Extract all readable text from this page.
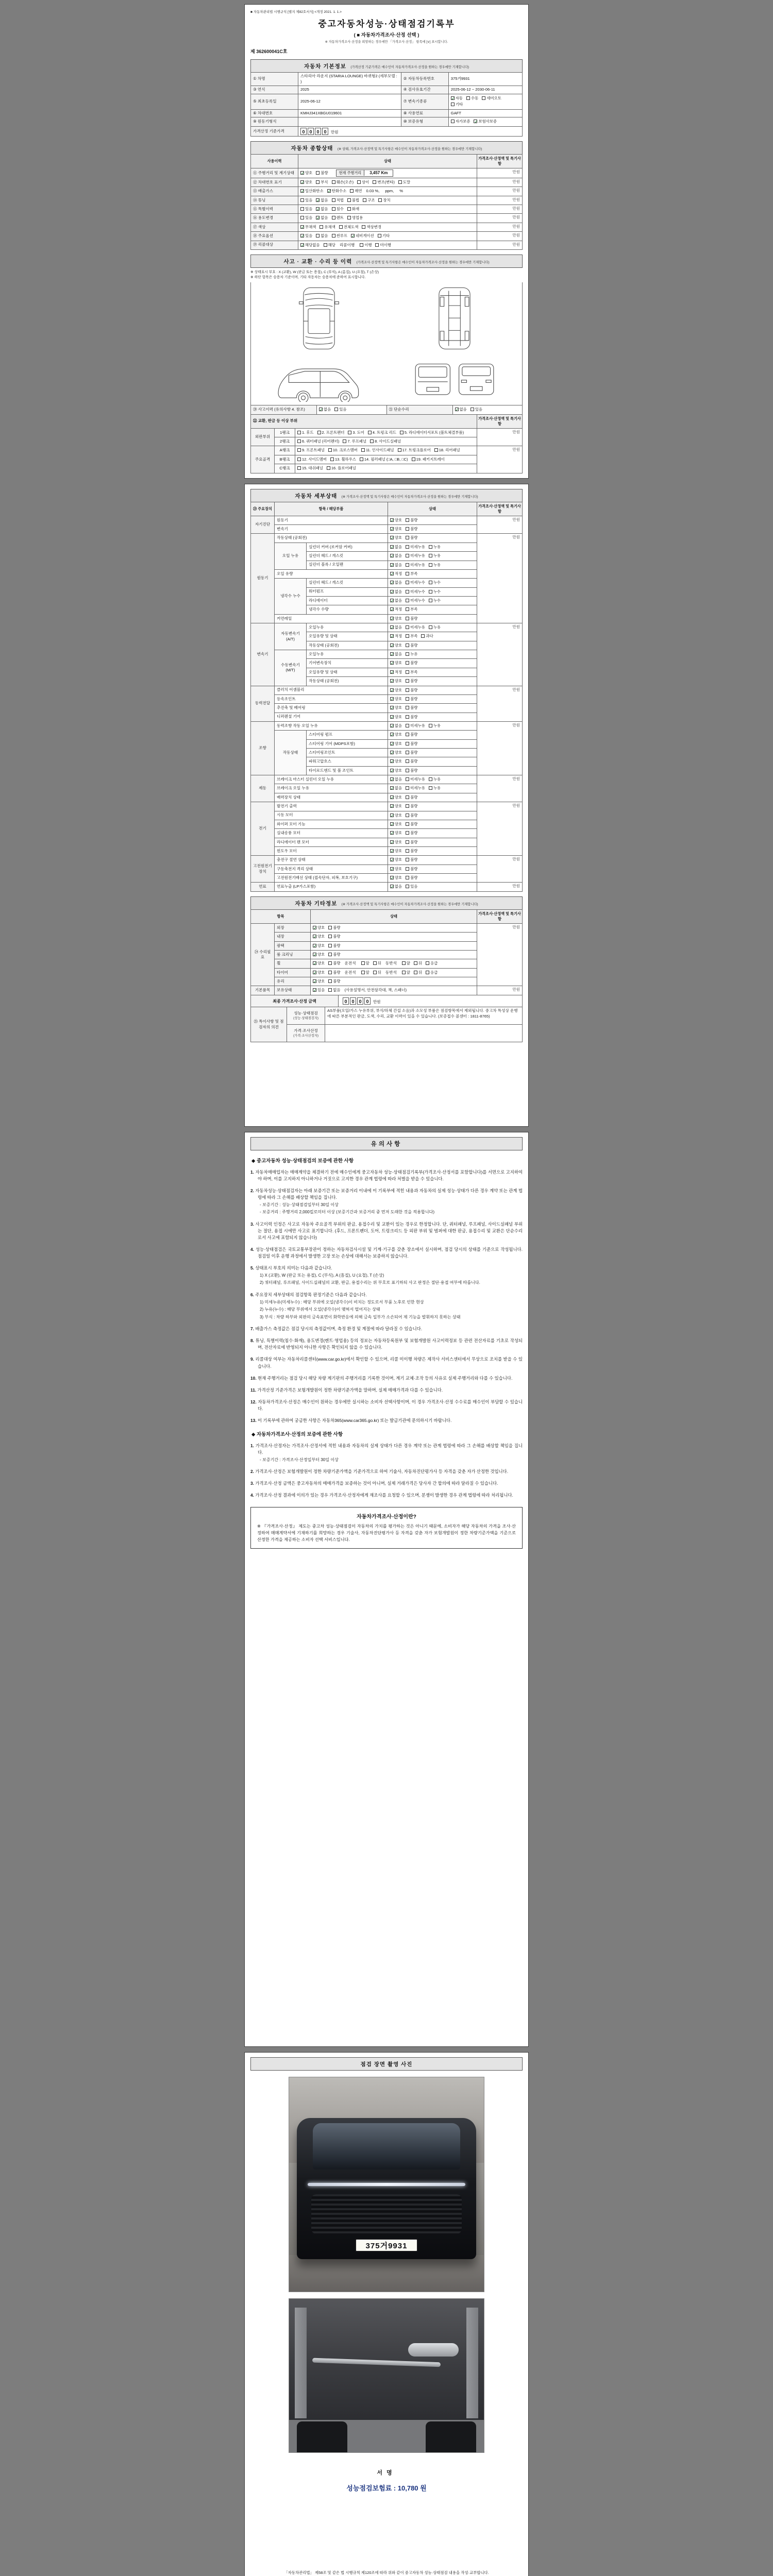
■ 자동차관리법 시행규칙 [별지 제82호서식] <개정 2021. 1. 1.>
중고자동차성능·상태점검기록부
( ■ 자동차가격조사·산정 선택 )
※ 자동차가격조사·산정을 희망하는 경우에만 「가격조사·산정」 항목에 [∨] 표시합니다.
제 362600041C호
자동차 기본정보 (가격산정 기준가격은 매수인이 자동차가격조사·산정을 원하는 경우에만 기재합니다)
① 차명	스타리아 라운지 (STARIA LOUNGE) 바퀴형2 (세부모델 : )	② 자동차등록번호	375거9931
③ 연식	2025	④ 검사유효기간	2025-06-12 ~ 2030-06-11
⑤ 최초등록일	2025-06-12	⑦ 변속기종류	✓자동 수동 세미오토기타
⑥ 차대번호	KMHJ341XBGU019601	⑧ 사용연료	GAFT
⑨ 원동기형식		⑩ 보증유형	자가보증 ✓보험사보증
가격산정 기준가격	0 0 0 0 만원		
자동차 종합상태 (※ 상태, 가격조사·산정액 및 특기사항은 매수인이 자동차가격조사·산정을 원하는 경우에만 기재합니다)
사용이력	상태	가격조사·산정액 및 특기사항
⑪ 주행거리 및 계기상태	✓양호 불량 현재 주행거리 3,457 Km	만원
⑫ 차대번호 표기	✓양호 부식 훼손(오손) 상이 변조(변타) 도말	만원
⑬ 배출가스	✓일산화탄소 ✓탄화수소 매연 0.03 %, ppm, %	만원
⑭ 튜닝	있음 ✓없음 적법 불법 구조 장치	만원
⑮ 특별이력	있음 ✓없음 침수 화재	만원
⑯ 용도변경	있음 ✓없음 렌트 영업용	만원
⑰ 색상	✓무채색 유채색 전체도색 색상변경	만원
⑱ 주요옵션	✓있음 없음 썬루프 ✓네비게이션 기타	만원
⑲ 리콜대상	✓해당없음 해당 리콜이행 이행 미이행	만원
사고 · 교환 · 수리 등 이력 (가격조사·산정액 및 특기사항은 매수인이 자동차가격조사·산정을 원하는 경우에만 기재합니다)
※ 상태표시 부호 : X (교환), W (판금 또는 용접), C (부식), A (흠집), U (요철), T (손상)
※ 하단 항목은 승용차 기준이며, 기타 자동차는 승용차에 준하여 표시합니다.
⑳ 사고이력 (유의사항 4. 참조)	✓없음 있음	㉑ 단순수리	✓없음 있음
㉒ 교환, 판금 등 이상 부위			가격조사·산정액 및 특기사항
외판부위	1랭크	1. 후드 2. 프론트펜더 3. 도어 4. 트렁크 리드 5. 라디에이터서포트 (볼트체결부품)	만원
	2랭크	6. 쿼터패널 (리어펜더) 7. 루프패널 8. 사이드실패널	
주요골격	A랭크	9. 프론트패널 10. 크로스멤버 11. 인사이드패널 17. 트렁크플로어 18. 리어패널	만원
	B랭크	12. 사이드멤버 13. 휠하우스 14. 필러패널 (□A, □B, □C) 19. 패키지트레이	
	C랭크	15. 대쉬패널 16. 플로어패널	
자동차 세부상태 (※ 가격조사·산정액 및 특기사항은 매수인이 자동차가격조사·산정을 원하는 경우에만 기재합니다)
㉓ 주요장치	항목 / 해당부품		상태	가격조사·산정액 및 특기사항
자기진단	원동기		✓양호 불량	만원
	변속기		✓양호 불량	
원동기	작동상태 (공회전)		✓양호 불량	만원
	오일 누유	실린더 커버 (로커암 커버)	✓없음 미세누유 누유	
		실린더 헤드 / 개스킷	✓없음 미세누유 누유	
		실린더 블록 / 오일팬	✓없음 미세누유 누유	
	오일 유량		✓적정 부족	
	냉각수 누수	실린더 헤드 / 개스킷	✓없음 미세누수 누수	
		워터펌프	✓없음 미세누수 누수	
		라디에이터	✓없음 미세누수 누수	
		냉각수 수량	✓적정 부족	
	커먼레일		✓양호 불량	
변속기	자동변속기 (A/T)	오일누유	✓없음 미세누유 누유	만원
		오일유량 및 상태	✓적정 부족 과다	
		작동상태 (공회전)	✓양호 불량	
	수동변속기 (M/T)	오일누유	✓없음 누유	
		기어변속장치	✓양호 불량	
		오일유량 및 상태	✓적정 부족	
		작동상태 (공회전)	✓양호 불량	
동력전달	클러치 어셈블리		✓양호 불량	만원
	등속조인트		✓양호 불량	
	추진축 및 베어링		✓양호 불량	
	디퍼렌셜 기어		✓양호 불량	
조향	동력조향 작동 오일 누유		✓없음 미세누유 누유	만원
	작동상태	스티어링 펌프	✓양호 불량	
		스티어링 기어 (MDPS포함)	✓양호 불량	
		스티어링조인트	✓양호 불량	
		파워고압호스	✓양호 불량	
		타이로드엔드 및 볼 조인트	✓양호 불량	
제동	브레이크 마스터 실린더 오일 누유		✓없음 미세누유 누유	만원
	브레이크 오일 누유		✓없음 미세누유 누유	
	배력장치 상태		✓양호 불량	
전기	발전기 출력		✓양호 불량	만원
	시동 모터		✓양호 불량	
	와이퍼 모터 기능		✓양호 불량	
	실내송풍 모터		✓양호 불량	
	라디에이터 팬 모터		✓양호 불량	
	윈도우 모터		✓양호 불량	
고전원전기장치	충전구 절연 상태		✓양호 불량	만원
	구동축전지 격리 상태		✓양호 불량	
	고전원전기배선 상태 (접속단자, 피복, 보호기구)		✓양호 불량	
연료	연료누출 (LP가스포함)		✓없음 있음	만원
자동차 기타정보 (※ 가격조사·산정액 및 특기사항은 매수인이 자동차가격조사·산정을 원하는 경우에만 기재합니다)
항목		상태	가격조사·산정액 및 특기사항
㉔ 수리필요	외장	✓양호 불량	만원
	내장	✓양호 불량	
	광택	✓양호 불량	
	룸 크리닝	✓양호 불량	
	휠	✓양호 불량 운전석 앞 뒤 동반석 앞 뒤 응급	
	타이어	✓양호 불량 운전석 앞 뒤 동반석 앞 뒤 응급	
	유리	✓양호 불량	
기본품목	보유상태	✓있음 없음 (사용설명서, 안전삼각대, 잭, 스패너)	만원
최종 가격조사·산정 금액	0 0 0 0 만원
㉕ 특이사항 및 점검자의 의견	성능·상태점검
(성능·상태점검자)	AS부품(오일/가스 누유부위, 부식/하체 간섭 소음)과 소모성 부품은 점검항목에서 제외됩니다. 중고차 특성상 운행에 따른 부분적인 판금, 도색, 수리, 교환 이력이 있을 수 있습니다. (보증접수 콜센터 : 1811-8765)

	가격·조사산정
(가격·조사산정자)	

유의사항
◆ 중고자동차 성능·상태점검의 보증에 관한 사항
1. 자동차매매업자는 매매계약을 체결하기 전에 매수인에게 중고자동차 성능·상태점검기록부(가격조사·산정서를 포함합니다)를 서면으로 고지하여야 하며, 이를 고지하지 아니하거나 거짓으로 고지한 경우 관계 법령에 따라 처벌을 받을 수 있습니다.
2. 자동차성능·상태점검자는 아래 보증기간 또는 보증거리 이내에 이 기록부에 적힌 내용과 자동차의 실제 성능·상태가 다른 경우 계약 또는 관계 법령에 따라 그 손해를 배상할 책임을 집니다.
- 보증기간 : 성능·상태점검일부터 30일 이상
- 보증거리 : 주행거리 2,000킬로미터 이상 (보증기간과 보증거리 중 먼저 도래한 것을 적용합니다)
3. 사고이력 인정은 사고로 자동차 주요골격 부위의 판금, 용접수리 및 교환이 있는 경우로 한정합니다. 단, 쿼터패널, 루프패널, 사이드실패널 부위는 절단, 용접 시에만 사고로 표기합니다. (후드, 프론트펜더, 도어, 트렁크리드 등 외판 부위 및 범퍼에 대한 판금, 용접수리 및 교환은 단순수리로서 사고에 포함되지 않습니다)
4. 성능·상태점검은 국토교통부장관이 정하는 자동차검사시설 및 기계·기구를 갖춘 장소에서 실시하며, 점검 당시의 상태를 기준으로 작성됩니다. 점검일 이후 운행 과정에서 발생한 고장 또는 손상에 대해서는 보증하지 않습니다.
5. 상태표시 부호의 의미는 다음과 같습니다.
1) X (교환), W (판금 또는 용접), C (부식), A (흠집), U (요철), T (손상)
2) 쿼터패널, 루프패널, 사이드실패널의 교환, 판금, 용접수리는 위 부호로 표기하되 사고 판정은 절단·용접 여부에 따릅니다.
6. 주요장치 세부상태의 점검항목 판정기준은 다음과 같습니다.
1) 미세누유(미세누수) : 해당 부위에 오일(냉각수)이 비치는 정도로서 부품 노후로 인한 현상
2) 누유(누수) : 해당 부위에서 오일(냉각수)이 맺혀서 떨어지는 상태
3) 부식 : 차량 하부와 외판의 금속표면이 화학반응에 의해 금속 일부가 소손되어 제 기능을 발휘하지 못하는 상태
7. 배출가스 측정값은 점검 당시의 측정값이며, 측정 환경 및 계절에 따라 달라질 수 있습니다.
8. 튜닝, 특별이력(침수·화재), 용도변경(렌트·영업용) 등의 정보는 자동차등록원부 및 보험개발원 사고이력정보 등 관련 전산자료를 기초로 작성되며, 전산자료에 반영되지 아니한 사항은 확인되지 않을 수 있습니다.
9. 리콜대상 여부는 자동차리콜센터(www.car.go.kr)에서 확인할 수 있으며, 리콜 미이행 차량은 제작사 서비스센터에서 무상으로 조치를 받을 수 있습니다.
10. 현재 주행거리는 점검 당시 해당 차량 계기판의 주행거리를 기록한 것이며, 계기 교체·조작 등의 사유로 실제 주행거리와 다를 수 있습니다.
11. 가격산정 기준가격은 보험개발원이 정한 차량기준가액을 말하며, 실제 매매가격과 다를 수 있습니다.
12. 자동차가격조사·산정은 매수인이 원하는 경우에만 실시하는 소비자 선택사항이며, 이 경우 가격조사·산정 수수료를 매수인이 부담할 수 있습니다.
13. 이 기록부에 관하여 궁금한 사항은 자동차365(www.car365.go.kr) 또는 발급기관에 문의하시기 바랍니다.
◆ 자동차가격조사·산정의 보증에 관한 사항
1. 가격조사·산정자는 가격조사·산정서에 적힌 내용과 자동차의 실제 상태가 다른 경우 계약 또는 관계 법령에 따라 그 손해를 배상할 책임을 집니다.
- 보증기간 : 가격조사·산정일부터 30일 이상
2. 가격조사·산정은 보험개발원이 정한 차량기준가액을 기준가격으로 하여 기술사, 자동차진단평가사 등 자격을 갖춘 자가 산정한 것입니다.
3. 가격조사·산정 금액은 중고자동차의 매매가격을 보증하는 것이 아니며, 실제 거래가격은 당사자 간 합의에 따라 달라질 수 있습니다.
4. 가격조사·산정 결과에 이의가 있는 경우 가격조사·산정자에게 재조사를 요청할 수 있으며, 분쟁이 발생한 경우 관계 법령에 따라 처리됩니다.
자동차가격조사·산정이란?
※ 『가격조사·산정』 제도는 중고차 성능·상태점검이 자동차의 가치를 평가하는 것은 아니기 때문에, 소비자가 해당 자동차의 가격을 조사·산정하여 매매계약서에 기재하기를 희망하는 경우 기술사, 자동차진단평가사 등 자격을 갖춘 자가 보험개발원이 정한 차량기준가액을 기준으로 산정한 가격을 제공하는 소비자 선택 서비스입니다.
점검 장면 촬영 사진
375거9931
서명
성능점검보험료 : 10,780 원
「자동차관리법」 제58조 및 같은 법 시행규칙 제120조에 따라 위와 같이 중고자동차 성능·상태점검 내용을 작성·교부합니다.
